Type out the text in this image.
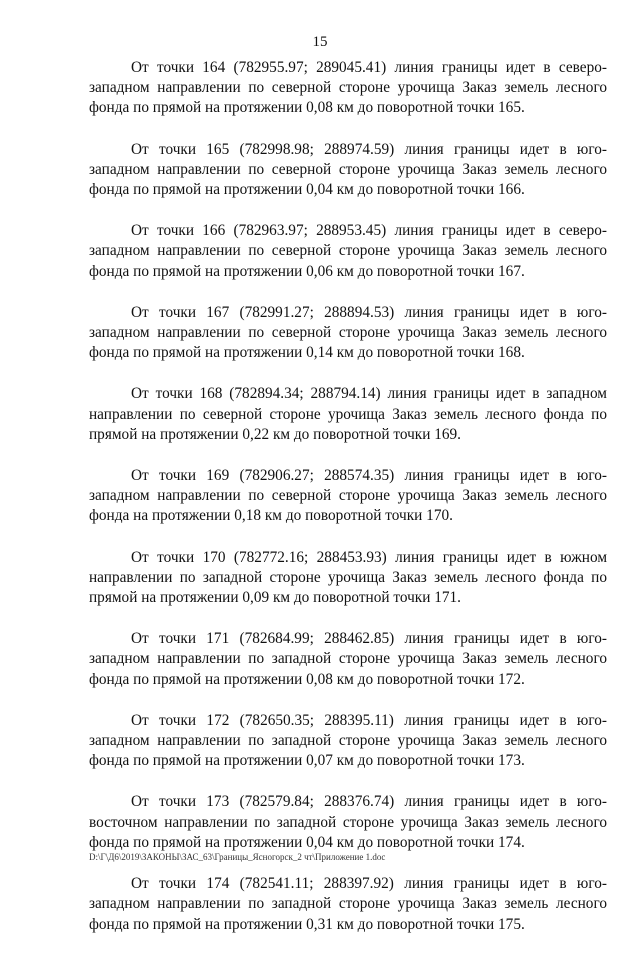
15

От точки 164 (782955.97; 289045.41) линия границы идет в северо-западном направлении по северной стороне урочища Заказ земель лесного фонда по прямой на протяжении 0,08 км до поворотной точки 165.

От точки 165 (782998.98; 288974.59) линия границы идет в юго-западном направлении по северной стороне урочища Заказ земель лесного фонда по прямой на протяжении 0,04 км до поворотной точки 166.

От точки 166 (782963.97; 288953.45) линия границы идет в северо-западном направлении по северной стороне урочища Заказ земель лесного фонда по прямой на протяжении 0,06 км до поворотной точки 167.

От точки 167 (782991.27; 288894.53) линия границы идет в юго-западном направлении по северной стороне урочища Заказ земель лесного фонда по прямой на протяжении 0,14 км до поворотной точки 168.

От точки 168 (782894.34; 288794.14) линия границы идет в западном направлении по северной стороне урочища Заказ земель лесного фонда по прямой на протяжении 0,22 км до поворотной точки 169.

От точки 169 (782906.27; 288574.35) линия границы идет в юго-западном направлении по северной стороне урочища Заказ земель лесного фонда на протяжении 0,18 км до поворотной точки 170.

От точки 170 (782772.16; 288453.93) линия границы идет в южном направлении по западной стороне урочища Заказ земель лесного фонда по прямой на протяжении 0,09 км до поворотной точки 171.

От точки 171 (782684.99; 288462.85) линия границы идет в юго-западном направлении по западной стороне урочища Заказ земель лесного фонда по прямой на протяжении 0,08 км до поворотной точки 172.

От точки 172 (782650.35; 288395.11) линия границы идет в юго-западном направлении по западной стороне урочища Заказ земель лесного фонда по прямой на протяжении 0,07 км до поворотной точки 173.

От точки 173 (782579.84; 288376.74) линия границы идет в юго-восточном направлении по западной стороне урочища Заказ земель лесного фонда по прямой на протяжении 0,04 км до поворотной точки 174.

От точки 174 (782541.11; 288397.92) линия границы идет в юго-западном направлении по западной стороне урочища Заказ земель лесного фонда по прямой на протяжении 0,31 км до поворотной точки 175.

D:\Г\Д6\2019\ЗАКОНЫ\ЗАС_63\Границы_Ясногорск_2 чт\Приложение 1.doc
